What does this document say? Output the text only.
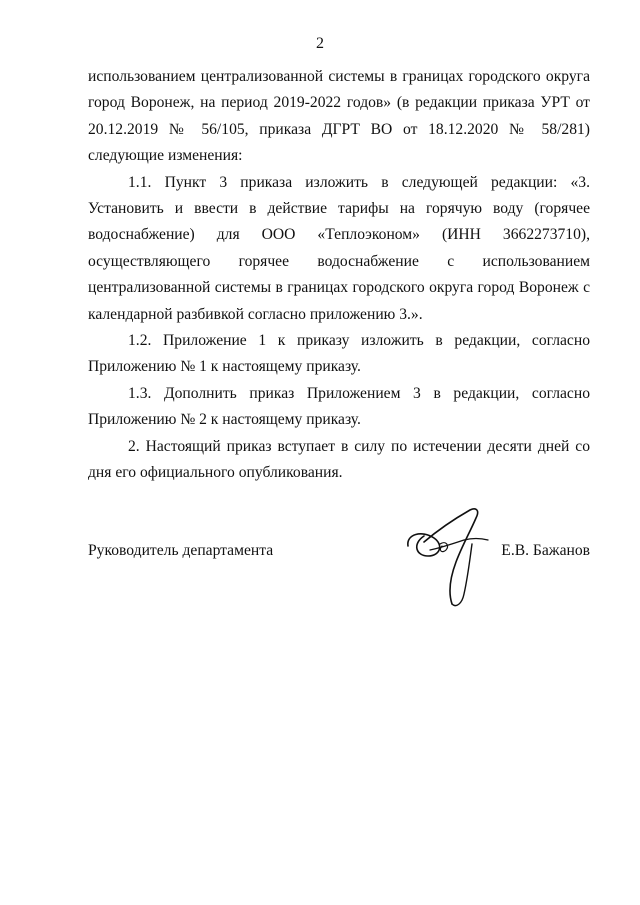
2

использованием централизованной системы в границах городского округа город Воронеж, на период 2019-2022 годов» (в редакции приказа УРТ от 20.12.2019 № 56/105, приказа ДГРТ ВО от 18.12.2020 № 58/281) следующие изменения:

1.1. Пункт 3 приказа изложить в следующей редакции: «3. Установить и ввести в действие тарифы на горячую воду (горячее водоснабжение) для ООО «Теплоэконом» (ИНН 3662273710), осуществляющего горячее водоснабжение с использованием централизованной системы в границах городского округа город Воронеж с календарной разбивкой согласно приложению 3.».

1.2. Приложение 1 к приказу изложить в редакции, согласно Приложению № 1 к настоящему приказу.

1.3. Дополнить приказ Приложением 3 в редакции, согласно Приложению № 2 к настоящему приказу.

2. Настоящий приказ вступает в силу по истечении десяти дней со дня его официального опубликования.

Руководитель департамента	Е.В. Бажанов
